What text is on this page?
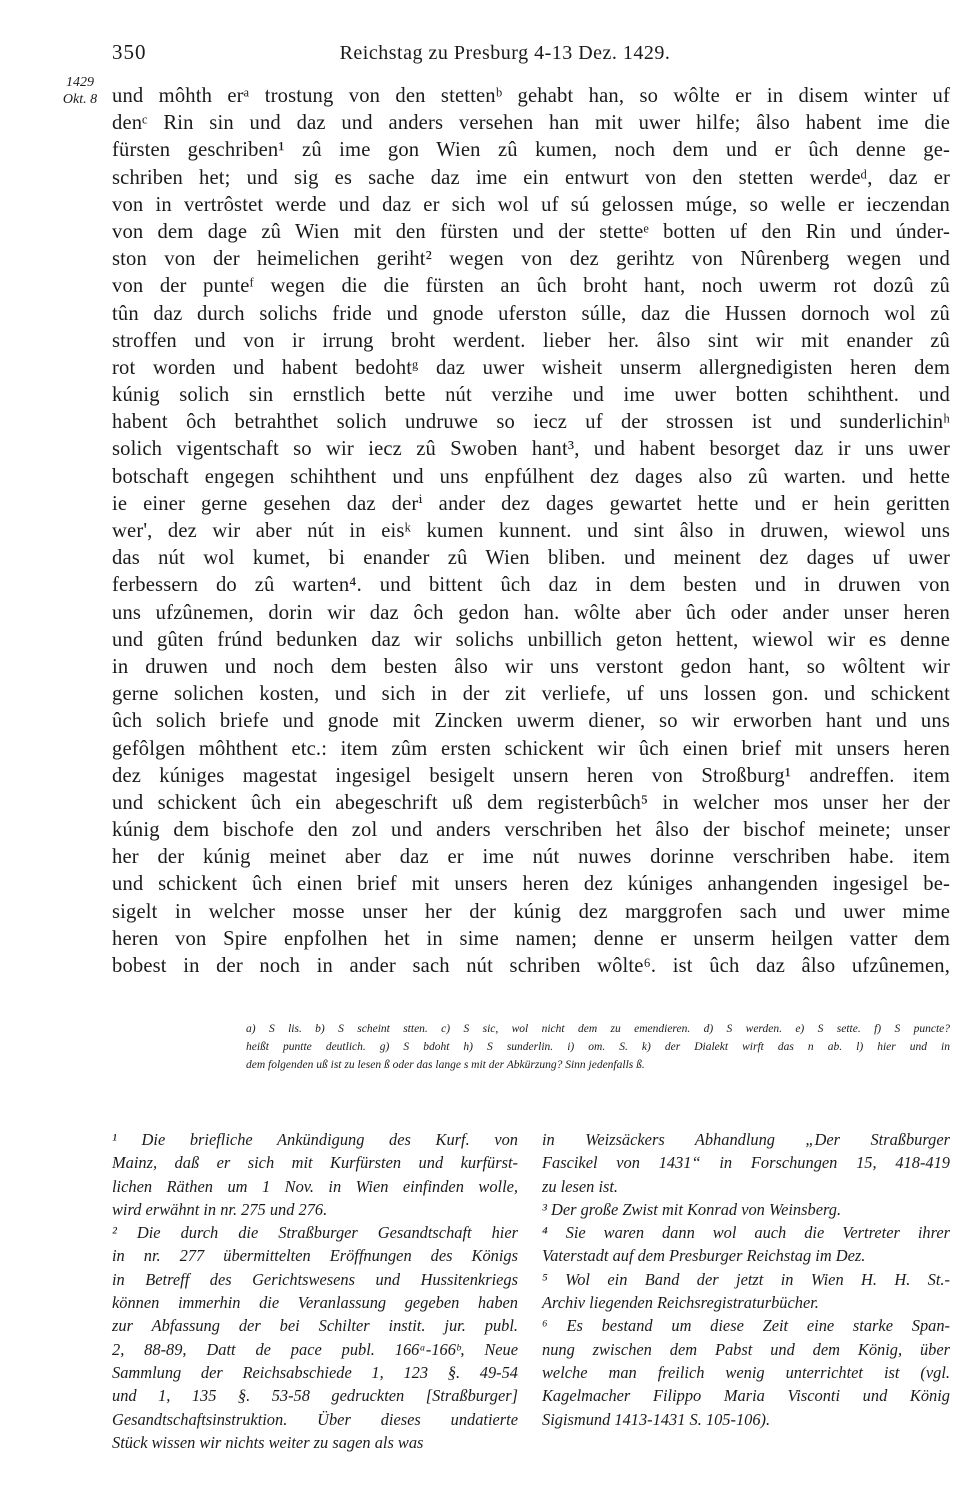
350	Reichstag zu Presburg 4-13 Dez. 1429.
1429
Okt. 8 und môhth erᵃ trostung von den stettenᵇ gehabt han, so wôlte er in disem winter uf
denᶜ Rin sin und daz und anders versehen han mit uwer hilfe; âlso habent ime die
fürsten geschriben¹ zû ime gon Wien zû kumen, noch dem und er ûch denne ge-
schriben het; und sig es sache daz ime ein entwurt von den stetten werdeᵈ, daz er
von in vertrôstet werde und daz er sich wol uf sú gelossen múge, so welle er ieczendan
von dem dage zû Wien mit den fürsten und der stetteᵉ botten uf den Rin und únder-
ston von der heimelichen geriht² wegen von dez gerihtz von Nûrenberg wegen und
von der punteᶠ wegen die die fürsten an ûch broht hant, noch uwerm rot dozû zû
tûn daz durch solichs fride und gnode uferston súlle, daz die Hussen dornoch wol zû
stroffen und von ir irrung broht werdent. lieber her. âlso sint wir mit enander zû
rot worden und habent bedohtᵍ daz uwer wisheit unserm allergnedigisten heren dem
kúnig solich sin ernstlich bette nút verzihe und ime uwer botten schihthent. und
habent ôch betrahthet solich undruwe so iecz uf der strossen ist und sunderlichinʰ
solich vigentschaft so wir iecz zû Swoben hant³, und habent besorget daz ir uns uwer
botschaft engegen schihthent und uns enpfúlhent dez dages also zû warten. und hette
ie einer gerne gesehen daz derⁱ ander dez dages gewartet hette und er hein geritten
wer', dez wir aber nút in eisᵏ kumen kunnent. und sint âlso in druwen, wiewol uns
das nút wol kumet, bi enander zû Wien bliben. und meinent dez dages uf uwer
ferbessern do zû warten⁴. und bittent ûch daz in dem besten und in druwen von
uns ufzûnemen, dorin wir daz ôch gedon han. wôlte aber ûch oder ander unser heren
und gûten frúnd bedunken daz wir solichs unbillich geton hettent, wiewol wir es denne
in druwen und noch dem besten âlso wir uns verstont gedon hant, so wôltent wir
gerne solichen kosten, und sich in der zit verliefe, uf uns lossen gon. und schickent
ûch solich briefe und gnode mit Zincken uwerm diener, so wir erworben hant und uns
gefôlgen môhthent etc.: item zûm ersten schickent wir ûch einen brief mit unsers heren
dez kúniges magestat ingesigel besigelt unsern heren von Stroßburg¹ andreffen. item
und schickent ûch ein abegeschrift uß dem registerbûch⁵ in welcher mos unser her der
kúnig dem bischofe den zol und anders verschriben het âlso der bischof meinete; unser
her der kúnig meinet aber daz er ime nút nuwes dorinne verschriben habe. item
und schickent ûch einen brief mit unsers heren dez kúniges anhangenden ingesigel be-
sigelt in welcher mosse unser her der kúnig dez marggrofen sach und uwer mime
heren von Spire enpfolhen het in sime namen; denne er unserm heilgen vatter dem
bobest in der noch in ander sach nút schriben wôlte⁶. ist ûch daz âlso ufzûnemen,
a) S lis. b) S scheint stten. c) S sic, wol nicht dem zu emendieren. d) S werden. e) S sette. f) S puncte?
heißt puntte deutlich. g) S bdoht h) S sunderlin. i) om. S. k) der Dialekt wirft das n ab. l) hier und in
dem folgenden uß ist zu lesen ß oder das lange s mit der Abkürzung? Sinn jedenfalls ß.
¹ Die briefliche Ankündigung des Kurf. von
Mainz, daß er sich mit Kurfürsten und kurfürst-
lichen Räthen um 1 Nov. in Wien einfinden wolle,
wird erwähnt in nr. 275 und 276.
² Die durch die Straßburger Gesandtschaft hier
in nr. 277 übermittelten Eröffnungen des Königs
in Betreff des Gerichtswesens und Hussitenkriegs
können immerhin die Veranlassung gegeben haben
zur Abfassung der bei Schilter instit. jur. publ.
2, 88-89, Datt de pace publ. 166ᵃ-166ᵇ, Neue
Sammlung der Reichsabschiede 1, 123 §. 49-54
und 1, 135 §. 53-58 gedruckten [Straßburger]
Gesandtschaftsinstruktion. Über dieses undatierte
Stück wissen wir nichts weiter zu sagen als was
in Weizsäckers Abhandlung „Der Straßburger
Fascikel von 1431“ in Forschungen 15, 418-419
zu lesen ist.
³ Der große Zwist mit Konrad von Weinsberg.
⁴ Sie waren dann wol auch die Vertreter ihrer
Vaterstadt auf dem Presburger Reichstag im Dez.
⁵ Wol ein Band der jetzt in Wien H. H. St.-
Archiv liegenden Reichsregistraturbücher.
⁶ Es bestand um diese Zeit eine starke Span-
nung zwischen dem Pabst und dem König, über
welche man freilich wenig unterrichtet ist (vgl.
Kagelmacher Filippo Maria Visconti und König
Sigismund 1413-1431 S. 105-106).
